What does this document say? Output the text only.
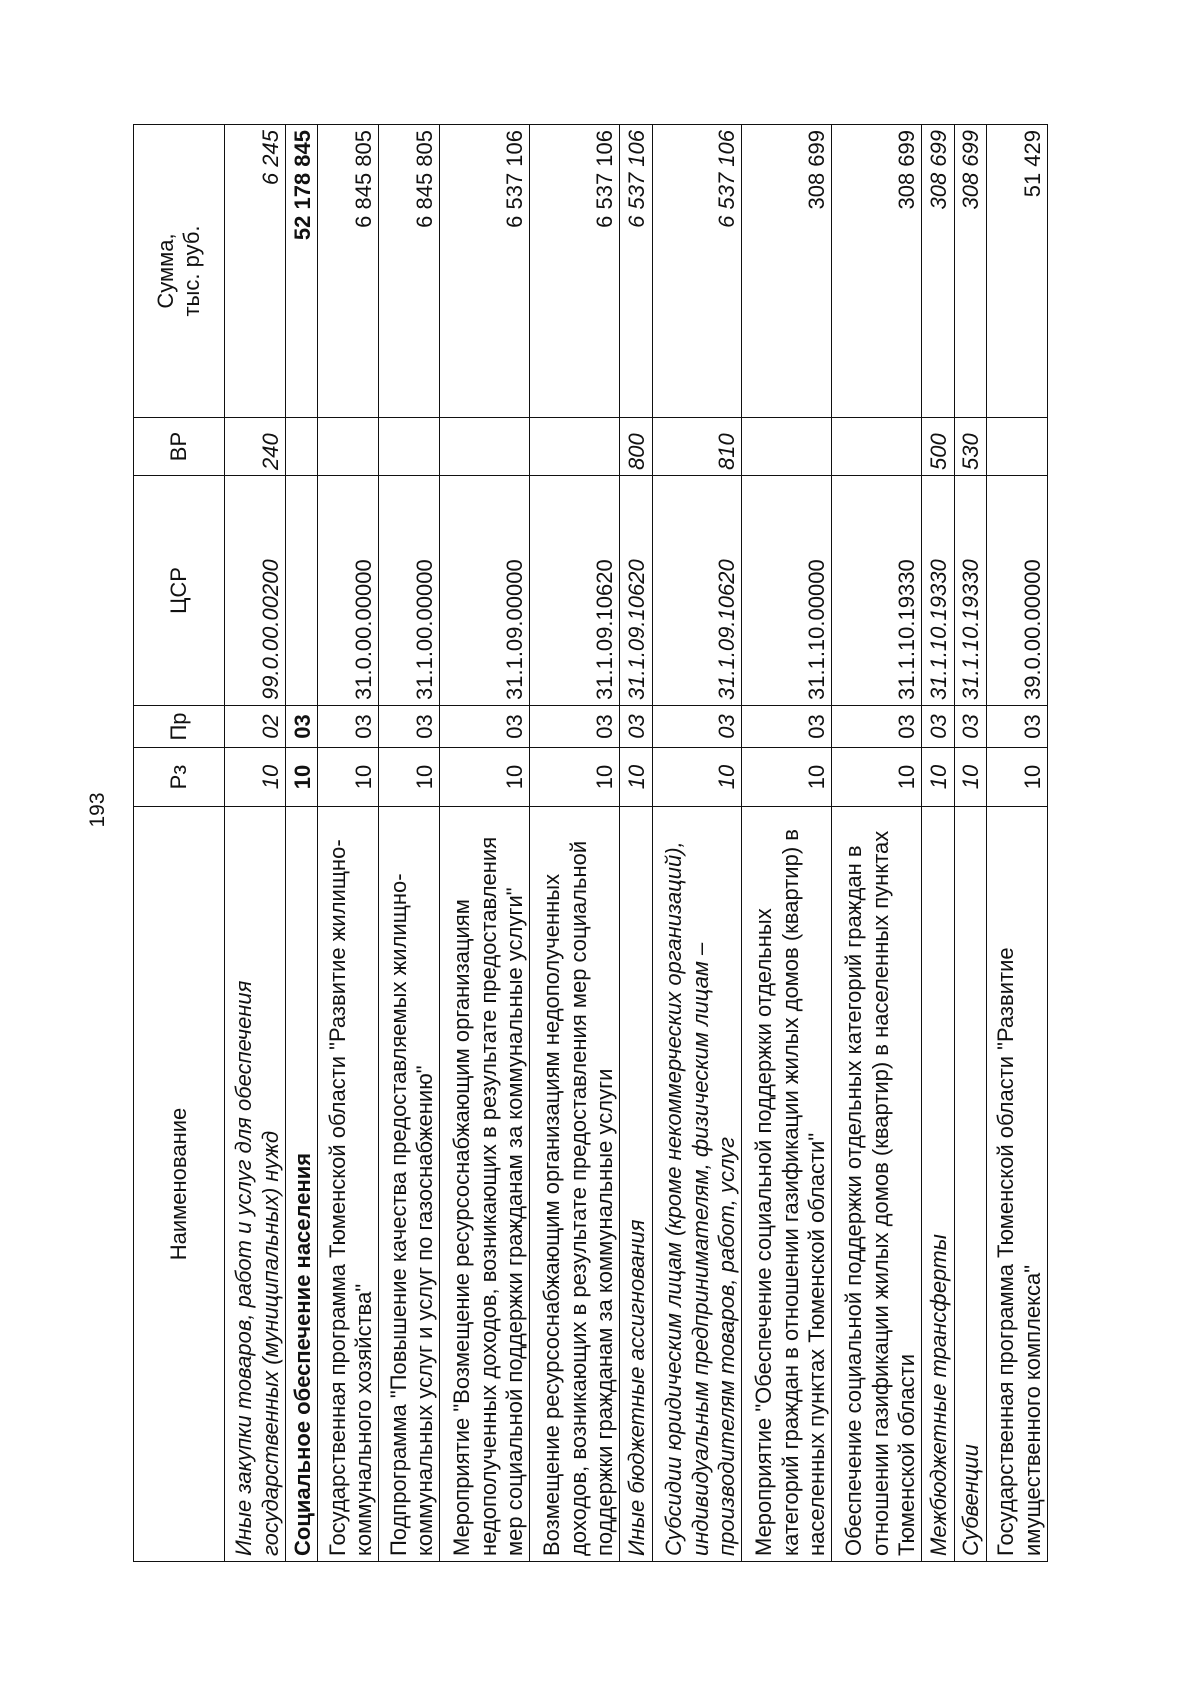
193
Наименование	Рз	Пр	ЦСР	ВР	Сумма,
тыс. руб.
Иные закупки товаров, работ и услуг для обеспечения государственных (муниципальных) нужд	10	02	99.0.00.00200	240	6 245
Социальное обеспечение населения	10	03			52 178 845
Государственная программа Тюменской области "Развитие жилищно-коммунального хозяйства"	10	03	31.0.00.00000		6 845 805
Подпрограмма "Повышение качества предоставляемых жилищно-коммунальных услуг и услуг по газоснабжению"	10	03	31.1.00.00000		6 845 805
Мероприятие "Возмещение ресурсоснабжающим организациям недополученных доходов, возникающих в результате предоставления мер социальной поддержки гражданам за коммунальные услуги"	10	03	31.1.09.00000		6 537 106
Возмещение ресурсоснабжающим организациям недополученных доходов, возникающих в результате предоставления мер социальной поддержки гражданам за коммунальные услуги	10	03	31.1.09.10620		6 537 106
Иные бюджетные ассигнования	10	03	31.1.09.10620	800	6 537 106
Субсидии юридическим лицам (кроме некоммерческих организаций), индивидуальным предпринимателям, физическим лицам – производителям товаров, работ, услуг	10	03	31.1.09.10620	810	6 537 106
Мероприятие "Обеспечение социальной поддержки отдельных категорий граждан в отношении газификации жилых домов (квартир) в населенных пунктах Тюменской области"	10	03	31.1.10.00000		308 699
Обеспечение социальной поддержки отдельных категорий граждан в отношении газификации жилых домов (квартир) в населенных пунктах Тюменской области	10	03	31.1.10.19330		308 699
Межбюджетные трансферты	10	03	31.1.10.19330	500	308 699
Субвенции	10	03	31.1.10.19330	530	308 699
Государственная программа Тюменской области "Развитие имущественного комплекса"	10	03	39.0.00.00000		51 429
